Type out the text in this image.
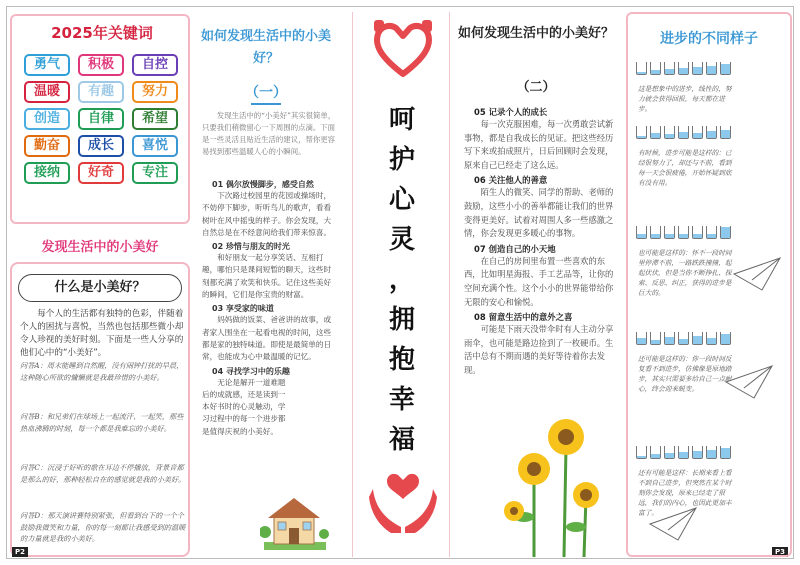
2025年关键词
勇气	积极	自控
温暖	有趣	努力
创造	自律	希望
勤奋	成长	喜悦
接纳	好奇	专注
发现生活中的小美好
什么是小美好？
每个人的生活都有独特的色彩，伴随着个人的困扰与喜悦，当然也包括那些微小却令人珍视的美好时刻。下面是一些人分享的他们心中的“小美好”。
问答A：周末能睡到自然醒，没有闹钟打扰的早晨，这种随心所欲的慵懒就是我最珍惜的小美好。
问答B：和兄弟们在球场上一起流汗、一起笑，那些热血沸腾的时刻，每一个都是我难忘的小美好。
问答C：沉浸于好听的歌在耳边不停播放，背景音都是那么的好，那种轻松自在的感觉就是我的小美好。
问答D：那天演讲赛特别紧张，但看到台下的一个个鼓励我微笑和力量，你的每一刻都让我感受到的温暖的力量就是我的小美好。
P2
如何发现生活中的小美好？
（一）
发现生活中的“小美好”其实很简单，只要我们稍微留心一下周围的点滴。下面是一些灵活且贴近生活的建议，帮你更容易找到那些温暖人心的小瞬间。
01 偶尔放慢脚步，感受自然
下次路过校园里的花园或操场时，不妨停下脚步，听听鸟儿的歌声，看看树叶在风中摇曳的样子。你会发现，大自然总是在不经意间给我们带来惊喜。
02 珍惜与朋友的时光
和好朋友一起分享笑话、互相打趣，哪怕只是课间短暂的聊天，这些时刻都充满了欢笑和快乐。记住这些美好的瞬间，它们是你宝贵的财富。
03 享受家的味道
妈妈做的饭菜、爸爸讲的故事，或者家人围坐在一起看电视的时间，这些都是家的独特味道。即使是最简单的日常，也能成为心中最温暖的记忆。
04 寻找学习中的乐趣
无论是解开一道难题后的成就感，还是读到一本好书时的心灵触动，学习过程中的每一个进步都是值得庆祝的小美好。
呵
护
心
灵
，
拥
抱
幸
福
如何发现生活中的小美好？
（二）
05 记录个人的成长
每一次克服困难，每一次勇敢尝试新事物，都是自我成长的见证。把这些经历写下来或拍成照片，日后回顾时会发现，原来自己已经走了这么远。
06 关注他人的善意
陌生人的微笑、同学的帮助、老师的鼓励，这些小小的善举都能让我们的世界变得更美好。试着对周围人多一些感激之情，你会发现更多暖心的事物。
07 创造自己的小天地
在自己的房间里布置一些喜欢的东西，比如明星海报、手工艺品等，让你的空间充满个性。这个小小的世界能带给你无限的安心和愉悦。
08 留意生活中的意外之喜
可能是下雨天没带伞时有人主动分享雨伞，也可能是路边捡到了一枚硬币。生活中总有不期而遇的美好等待着你去发现。
P3
进步的不同样子
这是想象中的进步，线性的，努力就会获得回报，每天都在进步。
有时候，进步可能是这样的：已经很努力了，却还与不前，看到每一天会很疲倦，开始怀疑到底有没有用。
也可能是这样的：怀不一段时间里停滞不前，一路跌跌撞撞，起起伏伏，但是当你不断挣扎、探索、反思、纠正，获得的进步是巨大的。
还可能是这样的：你一段时间反复看不到进步，仿佛像是原地踏步，其实只需要多给自己一点耐心，终会迎来蜕变。
还有可能是这样：长期来看上看不到自己进步，但突然在某个时刻你会发现，原来已经走了很远，我们的内心，也因此更加丰富了。
